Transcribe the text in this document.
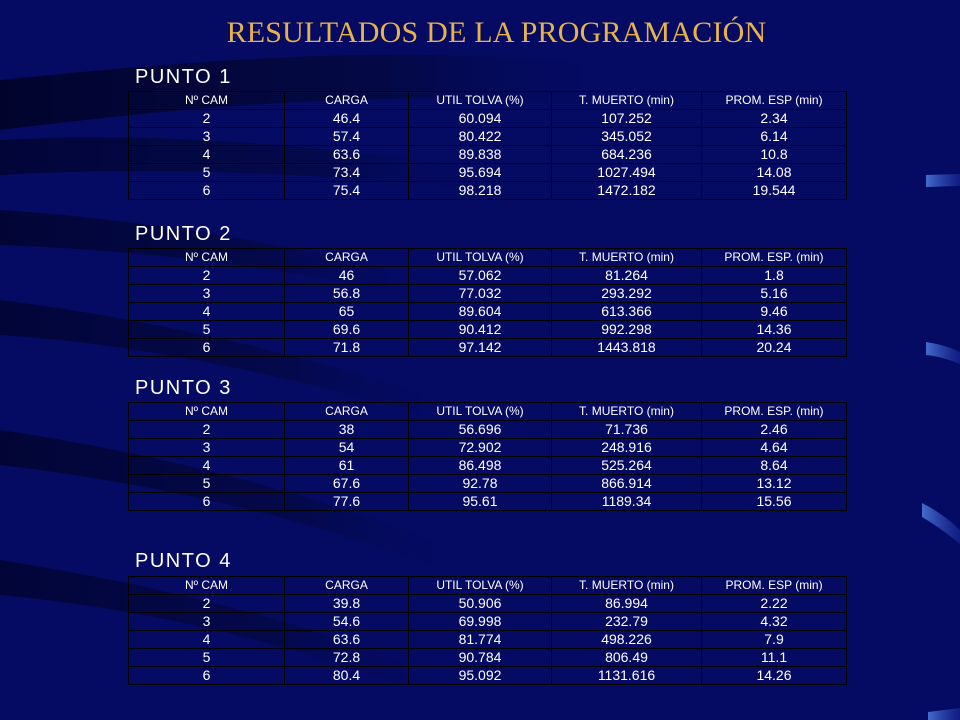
RESULTADOS DE LA PROGRAMACIÓN
PUNTO 1
Nº CAM	CARGA	UTIL TOLVA (%)	T. MUERTO (min)	PROM. ESP (min)
2	46.4	60.094	107.252	2.34
3	57.4	80.422	345.052	6.14
4	63.6	89.838	684.236	10.8
5	73.4	95.694	1027.494	14.08
6	75.4	98.218	1472.182	19.544
PUNTO 2
Nº CAM	CARGA	UTIL TOLVA (%)	T. MUERTO (min)	PROM. ESP. (min)
2	46	57.062	81.264	1.8
3	56.8	77.032	293.292	5.16
4	65	89.604	613.366	9.46
5	69.6	90.412	992.298	14.36
6	71.8	97.142	1443.818	20.24
PUNTO 3
Nº CAM	CARGA	UTIL TOLVA (%)	T. MUERTO (min)	PROM. ESP. (min)
2	38	56.696	71.736	2.46
3	54	72.902	248.916	4.64
4	61	86.498	525.264	8.64
5	67.6	92.78	866.914	13.12
6	77.6	95.61	1189.34	15.56
PUNTO 4
Nº CAM	CARGA	UTIL TOLVA (%)	T. MUERTO (min)	PROM. ESP (min)
2	39.8	50.906	86.994	2.22
3	54.6	69.998	232.79	4.32
4	63.6	81.774	498.226	7.9
5	72.8	90.784	806.49	11.1
6	80.4	95.092	1131.616	14.26
